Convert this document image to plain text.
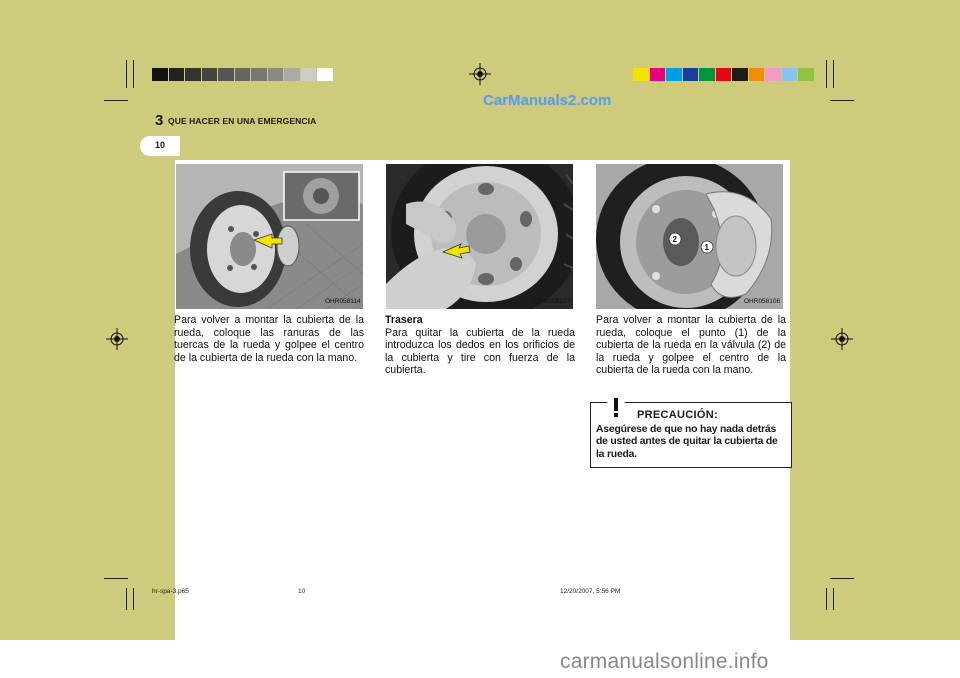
CarManuals2.com
3 QUE HACER EN UNA EMERGENCIA
10
OHR058114	OHR058107
2
1
OHR058106
Para volver a montar la cubierta de la rueda, coloque las ranuras de las tuercas de la rueda y golpee el centro de la cubierta de la rueda con la mano.
Trasera
Para quitar la cubierta de la rueda introduzca los dedos en los orificios de la cubierta y tire con fuerza de la cubierta.
Para volver a montar la cubierta de la rueda, coloque el punto (1) de la cubierta de la rueda en la válvula (2) de la rueda y golpee el centro de la cubierta de la rueda con la mano.
PRECAUCIÓN:
Asegúrese de que no hay nada detrás de usted antes de quitar la cubierta de la rueda.
hr-spa-3.p65	10	12/20/2007, 5:56 PM
carmanualsonline.info
